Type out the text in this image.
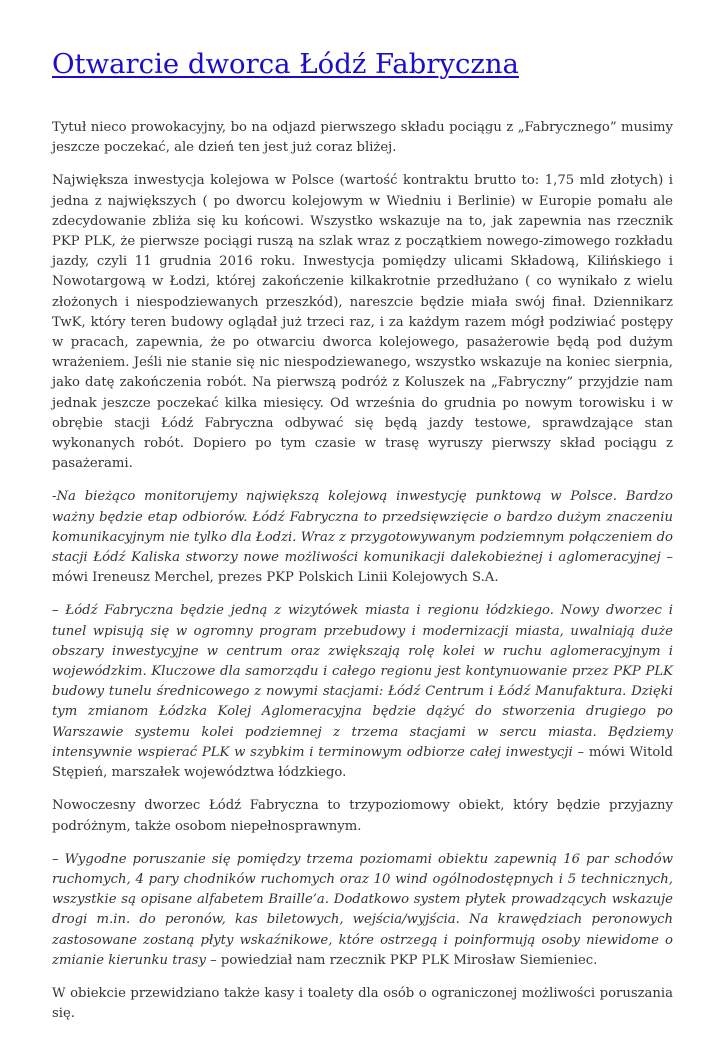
Otwarcie dworca Łódź Fabryczna

Tytuł nieco prowokacyjny, bo na odjazd pierwszego składu pociągu z „Fabrycznego” musimy jeszcze poczekać, ale dzień ten jest już coraz bliżej.

Największa inwestycja kolejowa w Polsce (wartość kontraktu brutto to: 1,75 mld złotych) i jedna z największych ( po dworcu kolejowym w Wiedniu i Berlinie) w Europie pomału ale zdecydowanie zbliża się ku końcowi. Wszystko wskazuje na to, jak zapewnia nas rzecznik PKP PLK, że pierwsze pociągi ruszą na szlak wraz z początkiem nowego-zimowego rozkładu jazdy, czyli 11 grudnia 2016 roku. Inwestycja pomiędzy ulicami Składową, Kilińskiego i Nowotargową w Łodzi, której zakończenie kilkakrotnie przedłużano ( co wynikało z wielu złożonych i niespodziewanych przeszkód), nareszcie będzie miała swój finał. Dziennikarz TwK, który teren budowy oglądał już trzeci raz, i za każdym razem mógł podziwiać postępy w pracach, zapewnia, że po otwarciu dworca kolejowego, pasażerowie będą pod dużym wrażeniem. Jeśli nie stanie się nic niespodziewanego, wszystko wskazuje na koniec sierpnia, jako datę zakończenia robót. Na pierwszą podróż z Koluszek na „Fabryczny” przyjdzie nam jednak jeszcze poczekać kilka miesięcy. Od września do grudnia po nowym torowisku i w obrębie stacji Łódź Fabryczna odbywać się będą jazdy testowe, sprawdzające stan wykonanych robót. Dopiero po tym czasie w trasę wyruszy pierwszy skład pociągu z pasażerami.

-Na bieżąco monitorujemy największą kolejową inwestycję punktową w Polsce. Bardzo ważny będzie etap odbiorów. Łódź Fabryczna to przedsięwzięcie o bardzo dużym znaczeniu komunikacyjnym nie tylko dla Łodzi. Wraz z przygotowywanym podziemnym połączeniem do stacji Łódź Kaliska stworzy nowe możliwości komunikacji dalekobieżnej i aglomeracyjnej – mówi Ireneusz Merchel, prezes PKP Polskich Linii Kolejowych S.A.

– Łódź Fabryczna będzie jedną z wizytówek miasta i regionu łódzkiego. Nowy dworzec i tunel wpisują się w ogromny program przebudowy i modernizacji miasta, uwalniają duże obszary inwestycyjne w centrum oraz zwiększają rolę kolei w ruchu aglomeracyjnym i wojewódzkim. Kluczowe dla samorządu i całego regionu jest kontynuowanie przez PKP PLK budowy tunelu średnicowego z nowymi stacjami: Łódź Centrum i Łódź Manufaktura. Dzięki tym zmianom Łódzka Kolej Aglomeracyjna będzie dążyć do stworzenia drugiego po Warszawie systemu kolei podziemnej z trzema stacjami w sercu miasta. Będziemy intensywnie wspierać PLK w szybkim i terminowym odbiorze całej inwestycji – mówi Witold Stępień, marszałek województwa łódzkiego.

Nowoczesny dworzec Łódź Fabryczna to trzypoziomowy obiekt, który będzie przyjazny podróżnym, także osobom niepełnosprawnym.

– Wygodne poruszanie się pomiędzy trzema poziomami obiektu zapewnią 16 par schodów ruchomych, 4 pary chodników ruchomych oraz 10 wind ogólnodostępnych i 5 technicznych, wszystkie są opisane alfabetem Braille’a. Dodatkowo system płytek prowadzących wskazuje drogi m.in. do peronów, kas biletowych, wejścia/wyjścia. Na krawędziach peronowych zastosowane zostaną płyty wskaźnikowe, które ostrzegą i poinformują osoby niewidome o zmianie kierunku trasy – powiedział nam rzecznik PKP PLK Mirosław Siemieniec.

W obiekcie przewidziano także kasy i toalety dla osób o ograniczonej możliwości poruszania się.
